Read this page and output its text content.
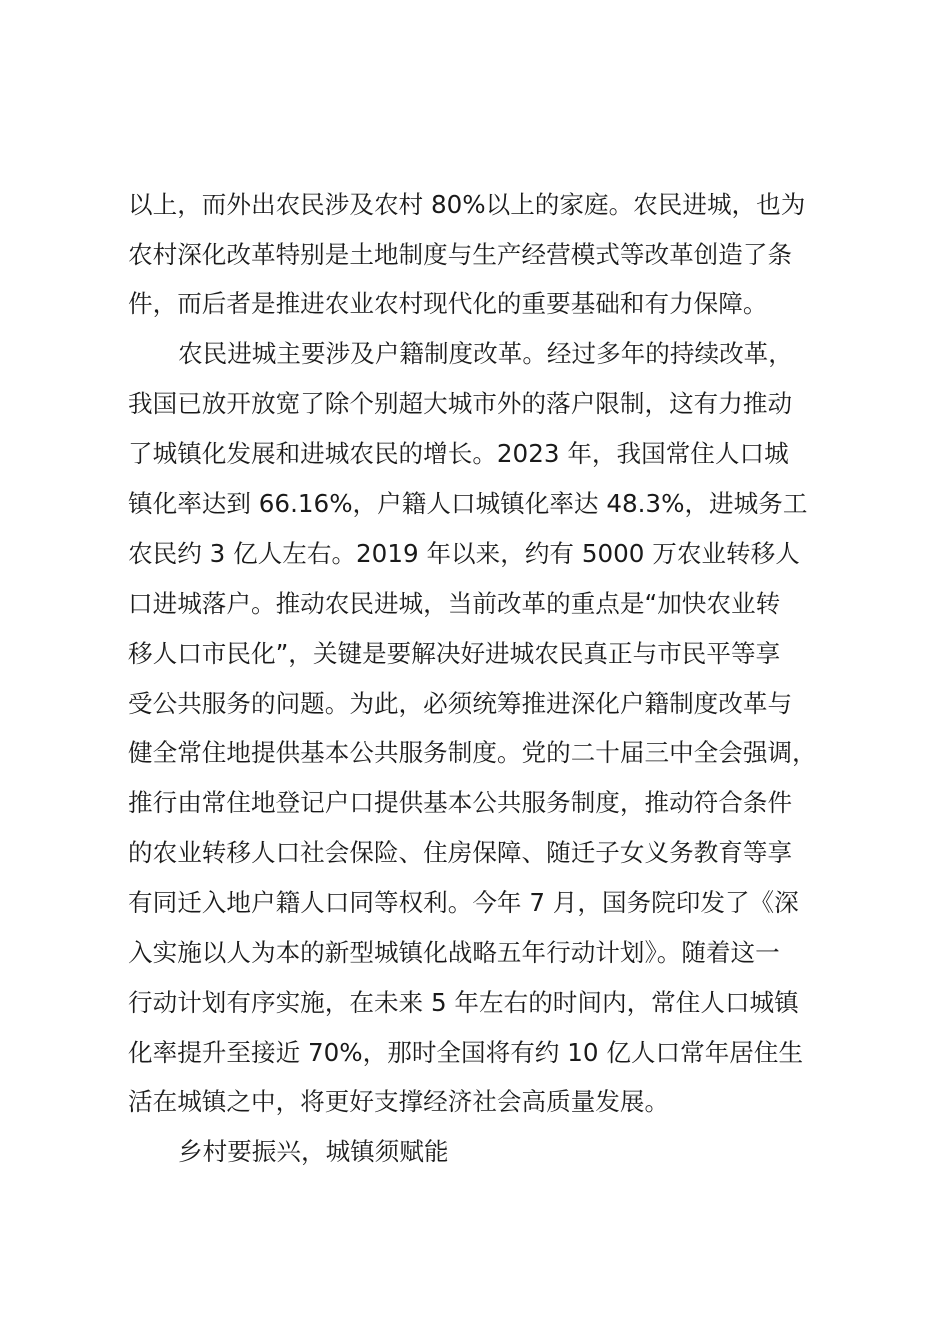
以上，而外出农民涉及农村 80%以上的家庭。农民进城，也为
农村深化改革特别是土地制度与生产经营模式等改革创造了条
件，而后者是推进农业农村现代化的重要基础和有力保障。
农民进城主要涉及户籍制度改革。经过多年的持续改革，
我国已放开放宽了除个别超大城市外的落户限制，这有力推动
了城镇化发展和进城农民的增长。2023 年，我国常住人口城
镇化率达到 66.16%，户籍人口城镇化率达 48.3%，进城务工
农民约 3 亿人左右。2019 年以来，约有 5000 万农业转移人
口进城落户。推动农民进城，当前改革的重点是“加快农业转
移人口市民化”，关键是要解决好进城农民真正与市民平等享
受公共服务的问题。为此，必须统筹推进深化户籍制度改革与
健全常住地提供基本公共服务制度。党的二十届三中全会强调，
推行由常住地登记户口提供基本公共服务制度，推动符合条件
的农业转移人口社会保险、住房保障、随迁子女义务教育等享
有同迁入地户籍人口同等权利。今年 7 月，国务院印发了《深
入实施以人为本的新型城镇化战略五年行动计划》。随着这一
行动计划有序实施，在未来 5 年左右的时间内，常住人口城镇
化率提升至接近 70%，那时全国将有约 10 亿人口常年居住生
活在城镇之中，将更好支撑经济社会高质量发展。
乡村要振兴，城镇须赋能
